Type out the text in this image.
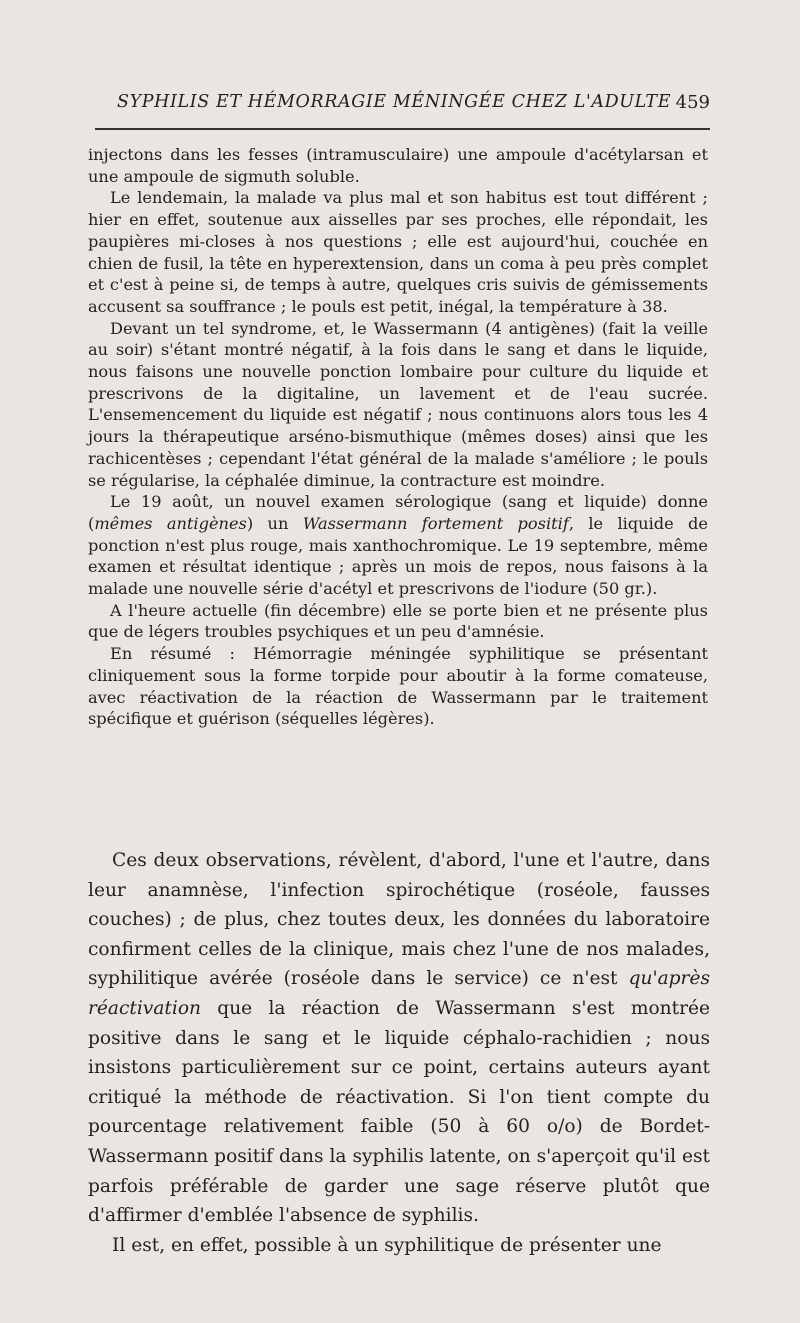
SYPHILIS ET HÉMORRAGIE MÉNINGÉE CHEZ L'ADULTE 459

injectons dans les fesses (intramusculaire) une ampoule d'acétylarsan et une ampoule de sigmuth soluble.

Le lendemain, la malade va plus mal et son habitus est tout différent ; hier en effet, soutenue aux aisselles par ses proches, elle répondait, les paupières mi-closes à nos questions ; elle est aujourd'hui, couchée en chien de fusil, la tête en hyperextension, dans un coma à peu près complet et c'est à peine si, de temps à autre, quelques cris suivis de gémissements accusent sa souffrance ; le pouls est petit, inégal, la température à 38.

Devant un tel syndrome, et, le Wassermann (4 antigènes) (fait la veille au soir) s'étant montré négatif, à la fois dans le sang et dans le liquide, nous faisons une nouvelle ponction lombaire pour culture du liquide et prescrivons de la digitaline, un lavement et de l'eau sucrée. L'ensemencement du liquide est négatif ; nous continuons alors tous les 4 jours la thérapeutique arséno-bismuthique (mêmes doses) ainsi que les rachicentèses ; cependant l'état général de la malade s'améliore ; le pouls se régularise, la céphalée diminue, la contracture est moindre.

Le 19 août, un nouvel examen sérologique (sang et liquide) donne (mêmes antigènes) un Wassermann fortement positif, le liquide de ponction n'est plus rouge, mais xanthochromique. Le 19 septembre, même examen et résultat identique ; après un mois de repos, nous faisons à la malade une nouvelle série d'acétyl et prescrivons de l'iodure (50 gr.).

A l'heure actuelle (fin décembre) elle se porte bien et ne présente plus que de légers troubles psychiques et un peu d'amnésie.

En résumé : Hémorragie méningée syphilitique se présentant cliniquement sous la forme torpide pour aboutir à la forme comateuse, avec réactivation de la réaction de Wassermann par le traitement spécifique et guérison (séquelles légères).

Ces deux observations, révèlent, d'abord, l'une et l'autre, dans leur anamnèse, l'infection spirochétique (roséole, fausses couches) ; de plus, chez toutes deux, les données du laboratoire confirment celles de la clinique, mais chez l'une de nos malades, syphilitique avérée (roséole dans le service) ce n'est qu'après réactivation que la réaction de Wassermann s'est montrée positive dans le sang et le liquide céphalo-rachidien ; nous insistons particulièrement sur ce point, certains auteurs ayant critiqué la méthode de réactivation. Si l'on tient compte du pourcentage relativement faible (50 à 60 o/o) de Bordet-Wassermann positif dans la syphilis latente, on s'aperçoit qu'il est parfois préférable de garder une sage réserve plutôt que d'affirmer d'emblée l'absence de syphilis.

Il est, en effet, possible à un syphilitique de présenter une
